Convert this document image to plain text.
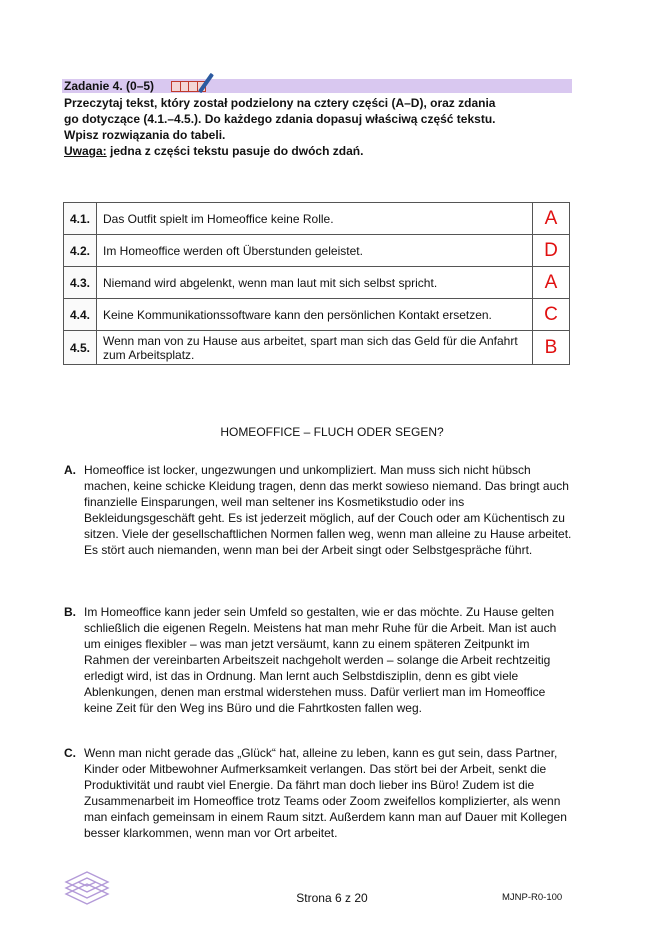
Zadanie 4. (0–5)
Przeczytaj tekst, który został podzielony na cztery części (A–D), oraz zdania
go dotyczące (4.1.–4.5.). Do każdego zdania dopasuj właściwą część tekstu.
Wpisz rozwiązania do tabeli.
Uwaga: jedna z części tekstu pasuje do dwóch zdań.
4.1.	Das Outfit spielt im Homeoffice keine Rolle.	A
4.2.	Im Homeoffice werden oft Überstunden geleistet.	D
4.3.	Niemand wird abgelenkt, wenn man laut mit sich selbst spricht.	A
4.4.	Keine Kommunikationssoftware kann den persönlichen Kontakt ersetzen.	C
4.5.	Wenn man von zu Hause aus arbeitet, spart man sich das Geld für die Anfahrt zum Arbeitsplatz.	B
HOMEOFFICE – FLUCH ODER SEGEN?
A. Homeoffice ist locker, ungezwungen und unkompliziert. Man muss sich nicht hübsch machen, keine schicke Kleidung tragen, denn das merkt sowieso niemand. Das bringt auch finanzielle Einsparungen, weil man seltener ins Kosmetikstudio oder ins Bekleidungsgeschäft geht. Es ist jederzeit möglich, auf der Couch oder am Küchentisch zu sitzen. Viele der gesellschaftlichen Normen fallen weg, wenn man alleine zu Hause arbeitet. Es stört auch niemanden, wenn man bei der Arbeit singt oder Selbstgespräche führt.
B. Im Homeoffice kann jeder sein Umfeld so gestalten, wie er das möchte. Zu Hause gelten schließlich die eigenen Regeln. Meistens hat man mehr Ruhe für die Arbeit. Man ist auch um einiges flexibler – was man jetzt versäumt, kann zu einem späteren Zeitpunkt im Rahmen der vereinbarten Arbeitszeit nachgeholt werden – solange die Arbeit rechtzeitig erledigt wird, ist das in Ordnung. Man lernt auch Selbstdisziplin, denn es gibt viele Ablenkungen, denen man erstmal widerstehen muss. Dafür verliert man im Homeoffice keine Zeit für den Weg ins Büro und die Fahrtkosten fallen weg.
C. Wenn man nicht gerade das „Glück“ hat, alleine zu leben, kann es gut sein, dass Partner, Kinder oder Mitbewohner Aufmerksamkeit verlangen. Das stört bei der Arbeit, senkt die Produktivität und raubt viel Energie. Da fährt man doch lieber ins Büro! Zudem ist die Zusammenarbeit im Homeoffice trotz Teams oder Zoom zweifellos komplizierter, als wenn man einfach gemeinsam in einem Raum sitzt. Außerdem kann man auf Dauer mit Kollegen besser klarkommen, wenn man vor Ort arbeitet.
Strona 6 z 20	MJNP-R0-100
